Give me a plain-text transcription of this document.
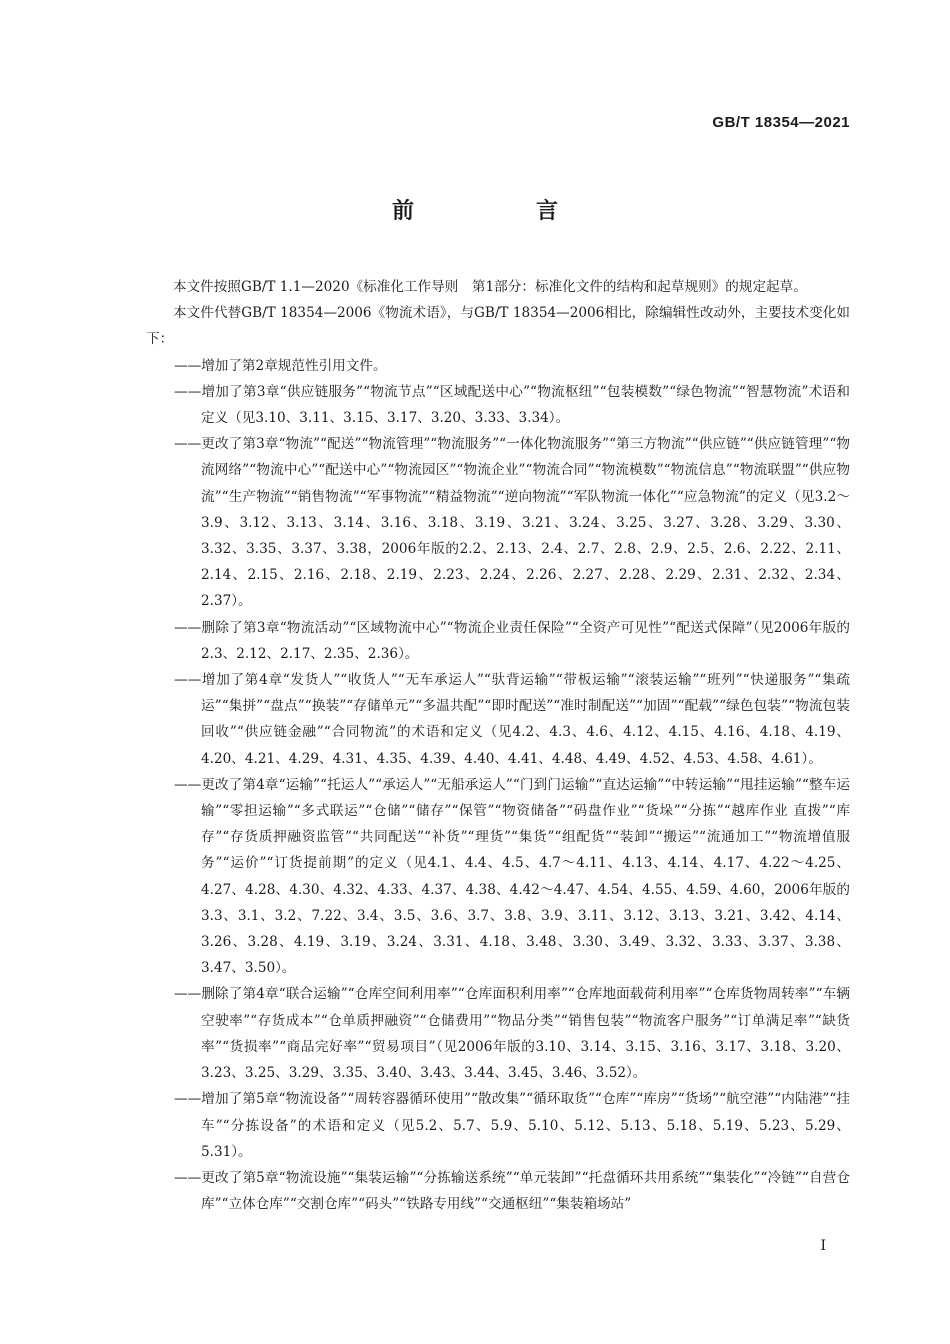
GB/T 18354—2021
前　言

本文件按照GB/T 1.1—2020《标准化工作导则　第1部分：标准化文件的结构和起草规则》的规定起草。

本文件代替GB/T 18354—2006《物流术语》，与GB/T 18354—2006相比，除编辑性改动外，主要技术变化如下：

——增加了第2章规范性引用文件。

——增加了第3章“供应链服务”“物流节点”“区域配送中心”“物流枢纽”“包装模数”“绿色物流”“智慧物流”术语和定义（见3.10、3.11、3.15、3.17、3.20、3.33、3.34）。

——更改了第3章“物流”“配送”“物流管理”“物流服务”“一体化物流服务”“第三方物流”“供应链”“供应链管理”“物流网络”“物流中心”“配送中心”“物流园区”“物流企业”“物流合同”“物流模数”“物流信息”“物流联盟”“供应物流”“生产物流”“销售物流”“军事物流”“精益物流”“逆向物流”“军队物流一体化”“应急物流”的定义（见3.2～3.9、3.12、3.13、3.14、3.16、3.18、3.19、3.21、3.24、3.25、3.27、3.28、3.29、3.30、3.32、3.35、3.37、3.38，2006年版的2.2、2.13、2.4、2.7、2.8、2.9、2.5、2.6、2.22、2.11、2.14、2.15、2.16、2.18、2.19、2.23、2.24、2.26、2.27、2.28、2.29、2.31、2.32、2.34、2.37）。

——删除了第3章“物流活动”“区域物流中心”“物流企业责任保险”“全资产可见性”“配送式保障”（见2006年版的2.3、2.12、2.17、2.35、2.36）。

——增加了第4章“发货人”“收货人”“无车承运人”“驮背运输”“带板运输”“滚装运输”“班列”“快递服务”“集疏运”“集拼”“盘点”“换装”“存储单元”“多温共配”“即时配送”“准时制配送”“加固”“配载”“绿色包装”“物流包装回收”“供应链金融”“合同物流”的术语和定义（见4.2、4.3、4.6、4.12、4.15、4.16、4.18、4.19、4.20、4.21、4.29、4.31、4.35、4.39、4.40、4.41、4.48、4.49、4.52、4.53、4.58、4.61）。

——更改了第4章“运输”“托运人”“承运人”“无船承运人”“门到门运输”“直达运输”“中转运输”“甩挂运输”“整车运输”“零担运输”“多式联运”“仓储”“储存”“保管”“物资储备”“码盘作业”“货垛”“分拣”“越库作业 直拨”“库存”“存货质押融资监管”“共同配送”“补货”“理货”“集货”“组配货”“装卸”“搬运”“流通加工”“物流增值服务”“运价”“订货提前期”的定义（见4.1、4.4、4.5、4.7～4.11、4.13、4.14、4.17、4.22～4.25、4.27、4.28、4.30、4.32、4.33、4.37、4.38、4.42～4.47、4.54、4.55、4.59、4.60，2006年版的3.3、3.1、3.2、7.22、3.4、3.5、3.6、3.7、3.8、3.9、3.11、3.12、3.13、3.21、3.42、4.14、3.26、3.28、4.19、3.19、3.24、3.31、4.18、3.48、3.30、3.49、3.32、3.33、3.37、3.38、3.47、3.50）。

——删除了第4章“联合运输”“仓库空间利用率”“仓库面积利用率”“仓库地面载荷利用率”“仓库货物周转率”“车辆空驶率”“存货成本”“仓单质押融资”“仓储费用”“物品分类”“销售包装”“物流客户服务”“订单满足率”“缺货率”“货损率”“商品完好率”“贸易项目”（见2006年版的3.10、3.14、3.15、3.16、3.17、3.18、3.20、3.23、3.25、3.29、3.35、3.40、3.43、3.44、3.45、3.46、3.52）。

——增加了第5章“物流设备”“周转容器循环使用”“散改集”“循环取货”“仓库”“库房”“货场”“航空港”“内陆港”“挂车”“分拣设备”的术语和定义（见5.2、5.7、5.9、5.10、5.12、5.13、5.18、5.19、5.23、5.29、5.31）。

——更改了第5章“物流设施”“集装运输”“分拣输送系统”“单元装卸”“托盘循环共用系统”“集装化”“冷链”“自营仓库”“立体仓库”“交割仓库”“码头”“铁路专用线”“交通枢纽”“集装箱场站”

I
